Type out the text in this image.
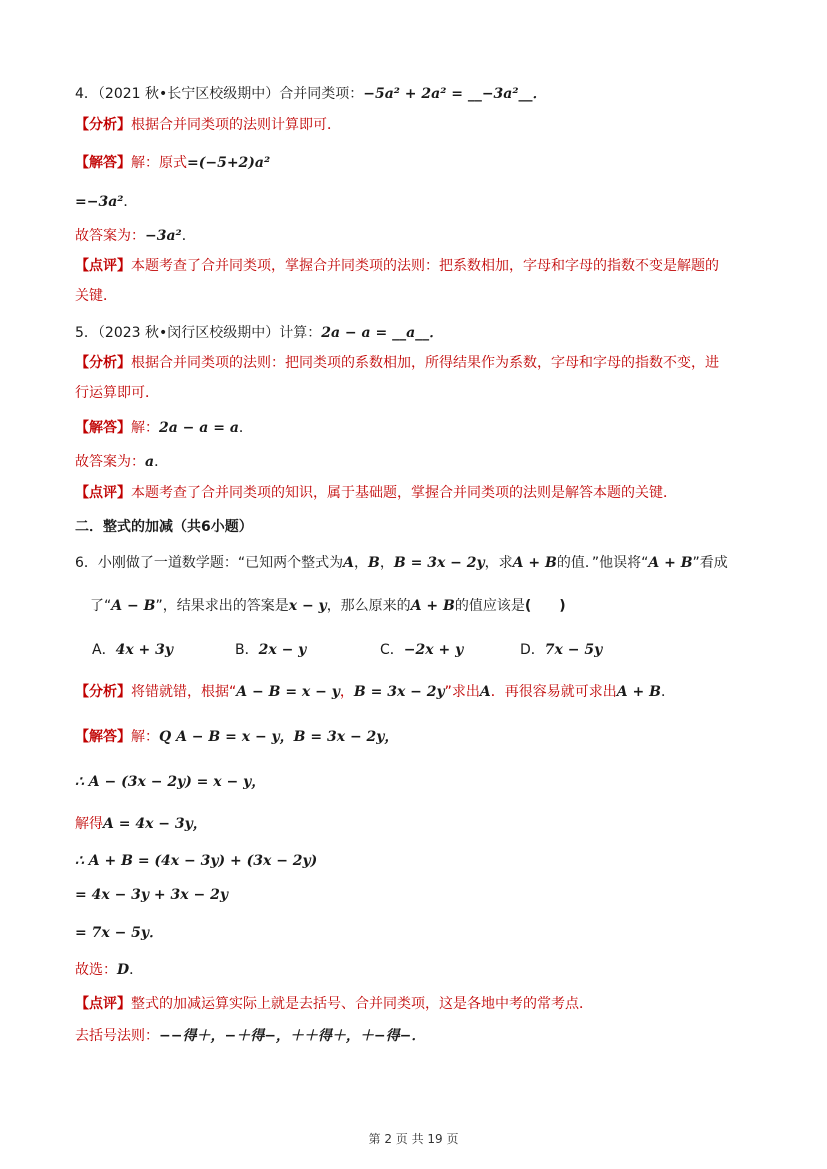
4．（2021 秋•长宁区校级期中）合并同类项：−5a² + 2a² = __−3a²__．
【分析】根据合并同类项的法则计算即可．
【解答】解：原式=(−5+2)a²
=−3a²．
故答案为：−3a²．
【点评】本题考查了合并同类项，掌握合并同类项的法则：把系数相加，字母和字母的指数不变是解题的
关键．
5．（2023 秋•闵行区校级期中）计算：2a − a = __a__．
【分析】根据合并同类项的法则：把同类项的系数相加，所得结果作为系数，字母和字母的指数不变，进
行运算即可．
【解答】解：2a − a = a．
故答案为：a．
【点评】本题考查了合并同类项的知识，属于基础题，掌握合并同类项的法则是解答本题的关键．
二．整式的加减（共6小题）
6．小刚做了一道数学题：“已知两个整式为A，B，B = 3x − 2y，求A + B的值．”他误将“A + B”看成
了“A − B”，结果求出的答案是x − y，那么原来的A + B的值应该是(　　)
A．4x + 3y	B．2x − y	C．−2x + y	D．7x − 5y
【分析】将错就错，根据“A − B = x − y，B = 3x − 2y”求出A．再很容易就可求出A + B．
【解答】解：Q A − B = x − y，B = 3x − 2y，
∴ A − (3x − 2y) = x − y，
解得A = 4x − 3y，
∴ A + B = (4x − 3y) + (3x − 2y)
= 4x − 3y + 3x − 2y
= 7x − 5y．
故选：D．
【点评】整式的加减运算实际上就是去括号、合并同类项，这是各地中考的常考点．
去括号法则：−−得＋，−＋得−，＋＋得＋，＋−得−．
第 2 页 共 19 页
